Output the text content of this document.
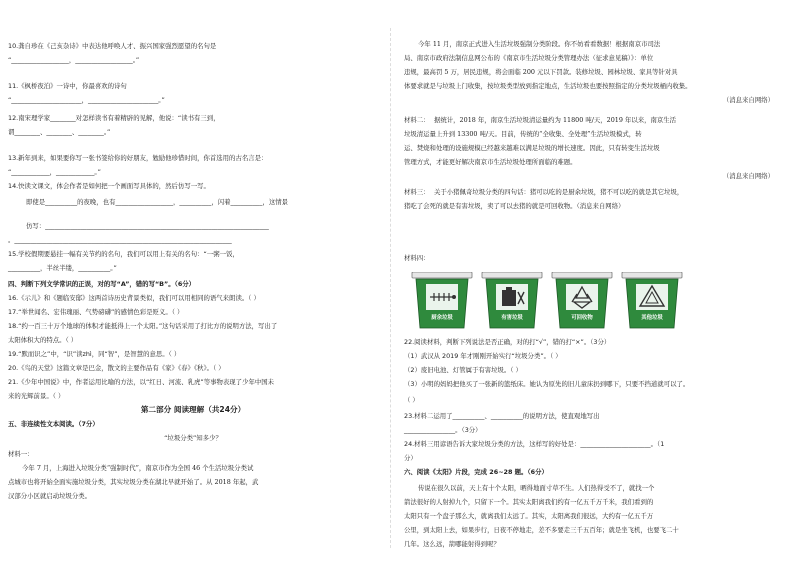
10.龚自珍在《己亥杂诗》中表达他呼唤人才、振兴国家强烈愿望的名句是
“__________________，__________________。”
11.《枫桥夜泊》一诗中，你最喜欢的诗句
“______________________，______________________。”
12.南宋理学家________对怎样读书有着精辟的见解，他说：“读书有三到，
谓________、________、________。”
13.新年到来，如果要你写一张书签给你的好朋友，勉励他珍惜时间，你首选用的古名言是：
“____________，____________。”
14.快读文课文，体会作者是如何把一个画面写具体的，然后仿写一写。
即使是__________的夜晚，也有__________________，__________，闪着__________，这情景
仿写：______________________________________________________________________
。____________________________________________________________________
15.学校假期要悬挂一幅有关节约的名句，我们可以用上有关的名句：“一粥一饭，
__________，半丝半缕，__________。”
四、判断下列文学常识的正误，对的写“A”，错的写“B”。（6分）
16.《示儿》和《题临安邸》这两首诗历史背景类似，我们可以用相同的语气来朗读。（ ）
17.“举世闻名、宏伟瑰丽、气势磅礴”的感情色彩是贬义。（ ）
18.“约一百三十万个地球的体积才能抵得上一个太阳。”这句话采用了打比方的说明方法，写出了
太阳体积大的特点。（ ）
19.“默而识之”中，“识”读zhì，同“智”，是智慧的意思。（ ）
20.《鸟的天堂》这篇文章是巴金，散文的主要作品有《家》《春》《秋》。（ ）
21.《少年中国说》中，作者运用比喻的方法，以“红日、河流、乳虎”等事物表现了少年中国未
来的光辉前景。（ ）
第二部分 阅读理解（共24分）
五、非连续性文本阅读。（7分）
“垃圾分类”知多少？
材料一：
今年 7 月，上海进入垃圾分类“强制时代”，南京市作为全国 46 个生活垃圾分类试
点城市也将开始全面实施垃圾分类，其实垃圾分类在湖北早就开始了。从 2018 年起，武
汉部分小区就启动垃圾分类。
今年 11 月，南京正式进入生活垃圾强制分类阶段。你不妨看看数据！根据南京市司法
局、南京市政府法制信息网公布的《南京市生活垃圾分类管理办法（征求意见稿）》：单位
违规，最高罚 5 万，居民违规，将会面临 200 元以下罚款。装修垃圾、园林垃圾、家具等针对具
体要求就是与垃圾上门收集，按垃圾类型放到指定地点，生活垃圾也要按照指定的分类垃圾桶内收集。
（消息来自网络）
材料二： 据统计，2018 年，南京生活垃圾清运量约为 11800 吨/天，2019 年以来，南京生活
垃圾清运量上升到 13300 吨/天。目前，传统的“全收集、全处理”生活垃圾模式，转
运、焚烧和处理的设施规模已经越来越难以满足垃圾的增长速度。因此，只有转变生活垃圾
管理方式，才能更好解决南京市生活垃圾处理所面临的难题。
（消息来自网络）
材料三： 关于小猪佩奇垃圾分类的四句话：猪可以吃的是厨余垃圾，猪不可以吃的就是其它垃圾，
猪吃了会死的就是有害垃圾，卖了可以去猪的就是可回收物。（消息来自网络）
材料四：
厨余垃圾	有害垃圾	可回收物	其他垃圾
22.阅读材料，判断下列说法是否正确，对的打“√”，错的打“×”。（3分）
（1）武汉从 2019 年才刚刚开始实行“垃圾分类”。（ ）
（2）废旧电池、灯管属于有害垃圾。（ ）
（3）小明的妈妈把他买了一张新的篮纸床。她认为原先的旧儿童床扔到哪下，只要不挡道就可以了。
（ ）
23.材料二运用了__________、__________的说明方法，使直观地写出
________________。（3分）
24.材料三用谚语告诉大家垃圾分类的方法，这样写的好处是：______________________。（1
分）
六、阅读《太阳》片段，完成 26~28 题。（6分）
传说在很久以前，天上有十个太阳，晒得地面寸草不生。人们热得受不了，就找一个
箭法很好的人射掉九个，只留下一个。其实太阳离我们约有一亿五千万千米，我们看到的
太阳只有一个盘子那么大，就离我们太远了。其实，太阳离我们很远，大约有一亿五千万
公里，到太阳上去，如果步行，日夜不停地走，差不多要走三千五百年；就是坐飞机，也要飞二十
几年。这么远，箭哪能射得到呢？
